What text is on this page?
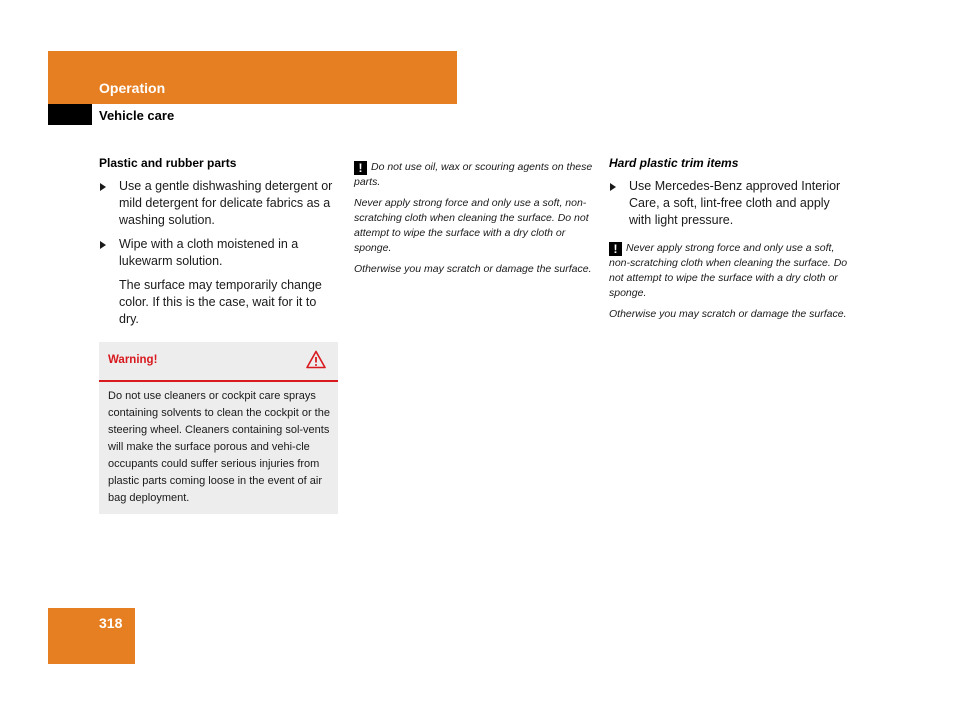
Operation
Vehicle care

Plastic and rubber parts

Use a gentle dishwashing detergent or mild detergent for delicate fabrics as a washing solution.
Wipe with a cloth moistened in a lukewarm solution.

The surface may temporarily change color. If this is the case, wait for it to dry.

Warning!
Do not use cleaners or cockpit care sprays containing solvents to clean the cockpit or the steering wheel. Cleaners containing sol-vents will make the surface porous and vehi-cle occupants could suffer serious injuries from plastic parts coming loose in the event of air bag deployment.

! Do not use oil, wax or scouring agents on these parts.

Never apply strong force and only use a soft, non-scratching cloth when cleaning the surface. Do not attempt to wipe the surface with a dry cloth or sponge.

Otherwise you may scratch or damage the surface.

Hard plastic trim items

Use Mercedes-Benz approved Interior Care, a soft, lint-free cloth and apply with light pressure.

! Never apply strong force and only use a soft, non-scratching cloth when cleaning the surface. Do not attempt to wipe the surface with a dry cloth or sponge.

Otherwise you may scratch or damage the surface.

318
